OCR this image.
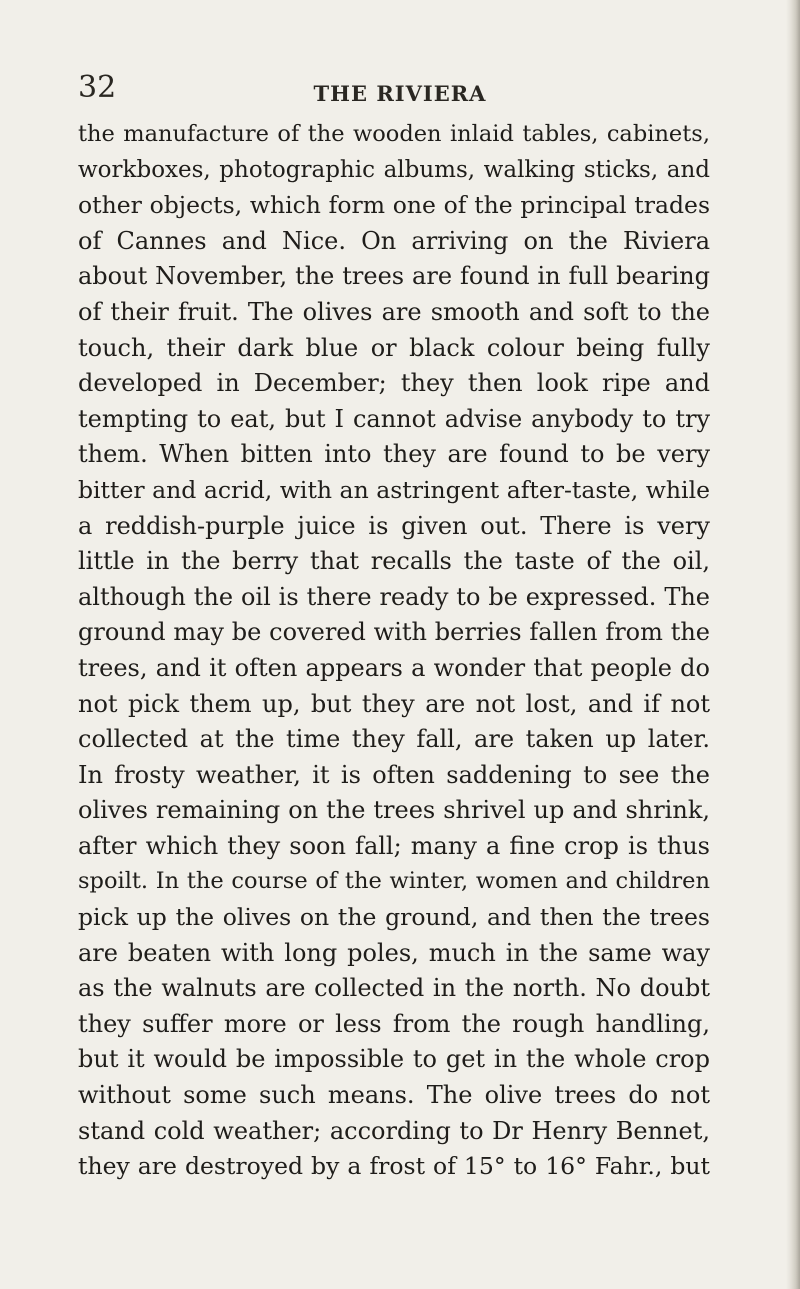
32	THE RIVIERA
the manufacture of the wooden inlaid tables, cabinets,
workboxes, photographic albums, walking sticks, and
other objects, which form one of the principal trades
of Cannes and Nice. On arriving on the Riviera
about November, the trees are found in full bearing
of their fruit. The olives are smooth and soft to the
touch, their dark blue or black colour being fully
developed in December; they then look ripe and
tempting to eat, but I cannot advise anybody to try
them. When bitten into they are found to be very
bitter and acrid, with an astringent after-taste, while
a reddish-purple juice is given out. There is very
little in the berry that recalls the taste of the oil,
although the oil is there ready to be expressed. The
ground may be covered with berries fallen from the
trees, and it often appears a wonder that people do
not pick them up, but they are not lost, and if not
collected at the time they fall, are taken up later.
In frosty weather, it is often saddening to see the
olives remaining on the trees shrivel up and shrink,
after which they soon fall; many a fine crop is thus
spoilt. In the course of the winter, women and children
pick up the olives on the ground, and then the trees
are beaten with long poles, much in the same way
as the walnuts are collected in the north. No doubt
they suffer more or less from the rough handling,
but it would be impossible to get in the whole crop
without some such means. The olive trees do not
stand cold weather; according to Dr Henry Bennet,
they are destroyed by a frost of 15° to 16° Fahr., but
